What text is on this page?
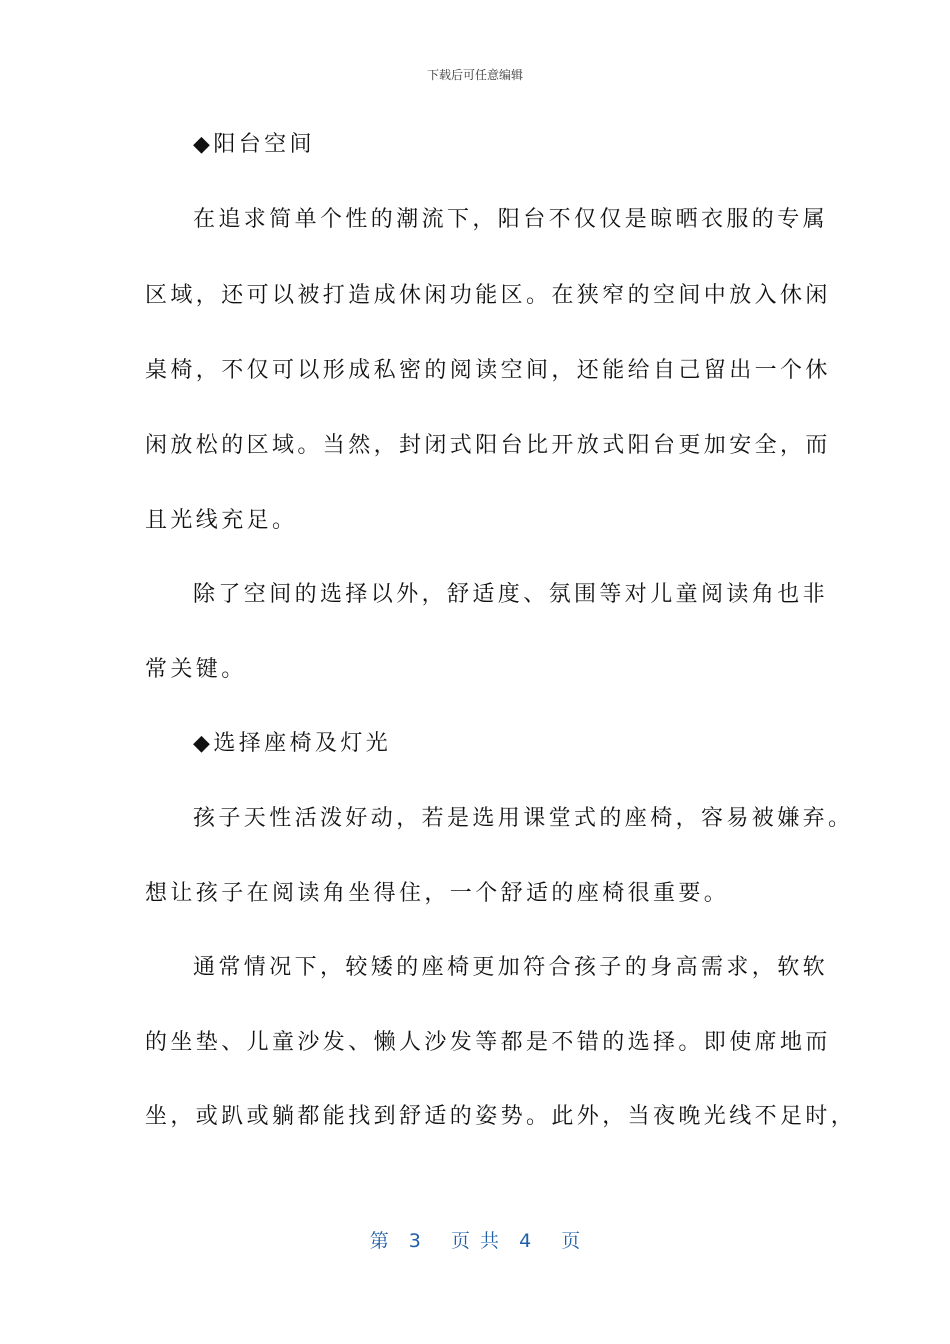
下载后可任意编辑
◆阳台空间
在追求简单个性的潮流下，阳台不仅仅是晾晒衣服的专属
区域，还可以被打造成休闲功能区。在狭窄的空间中放入休闲
桌椅，不仅可以形成私密的阅读空间，还能给自己留出一个休
闲放松的区域。当然，封闭式阳台比开放式阳台更加安全，而
且光线充足。
除了空间的选择以外，舒适度、氛围等对儿童阅读角也非
常关键。
◆选择座椅及灯光
孩子天性活泼好动，若是选用课堂式的座椅，容易被嫌弃。
想让孩子在阅读角坐得住，一个舒适的座椅很重要。
通常情况下，较矮的座椅更加符合孩子的身高需求，软软
的坐垫、儿童沙发、懒人沙发等都是不错的选择。即使席地而
坐，或趴或躺都能找到舒适的姿势。此外，当夜晚光线不足时，
第  3   页 共  4   页
